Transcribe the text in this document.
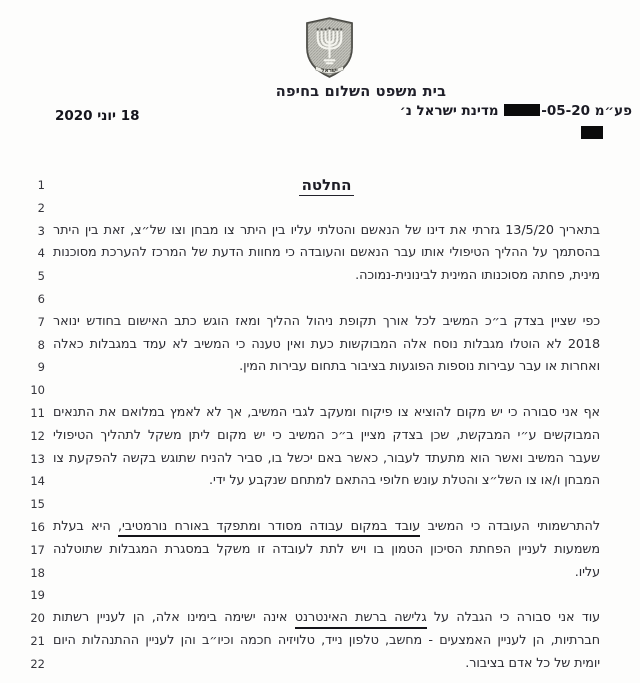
ישראל
בית משפט השלום בחיפה
פע״מ -05-20 מדינת ישראל נ׳
18 יוני 2020
1	החלטה
2
3 בתאריך 13/5/20 גזרתי את דינו של הנאשם והטלתי עליו בין היתר צו מבחן וצו של״צ, זאת בין היתר
4 בהסתמך על ההליך הטיפולי אותו עבר הנאשם והעובדה כי מחוות הדעת של המרכז להערכת מסוכנות
5	מינית, פחתה מסוכנותו המינית לבינונית-נמוכה.
6
7 כפי שציין בצדק ב״כ המשיב לכל אורך תקופת ניהול ההליך ומאז הוגש כתב האישום בחודש ינואר
8 2018 לא הוטלו מגבלות נוסח אלה המבוקשות כעת ואין טענה כי המשיב לא עמד במגבלות כאלה
9	ואחרות או עבר עבירות נוספות הפוגעות בציבור בתחום עבירות המין.
10
11 אף אני סבורה כי יש מקום להוציא צו פיקוח ומעקב לגבי המשיב, אך לא לאמץ במלואם את התנאים
12 המבוקשים ע״י המבקשת, שכן בצדק מציין ב״כ המשיב כי יש מקום ליתן משקל לתהליך הטיפולי
13 שעבר המשיב ואשר הוא מתעתד לעבור, כאשר באם יכשל בו, סביר להניח שתוגש בקשה להפקעת צו
14	המבחן ו/או צו השל״צ והטלת עונש חלופי בהתאם למתחם שנקבע על ידי.
15
16	להתרשמותי העובדה כי המשיב עובד במקום עבודה מסודר ומתפקד באורח נורמטיבי, היא בעלת
17 משמעות לעניין הפחתת הסיכון הטמון בו ויש לתת לעובדה זו משקל במסגרת המגבלות שתוטלנה
18	עליו.
19
20	עוד אני סבורה כי הגבלה על גלישה ברשת האינטרנט אינה ישימה בימינו אלה, הן לעניין רשתות
21 חברתיות, הן לעניין האמצעים - מחשב, טלפון נייד, טלויזיה חכמה וכיו״ב והן לעניין ההתנהלות היום
22	יומית של כל אדם בציבור.
